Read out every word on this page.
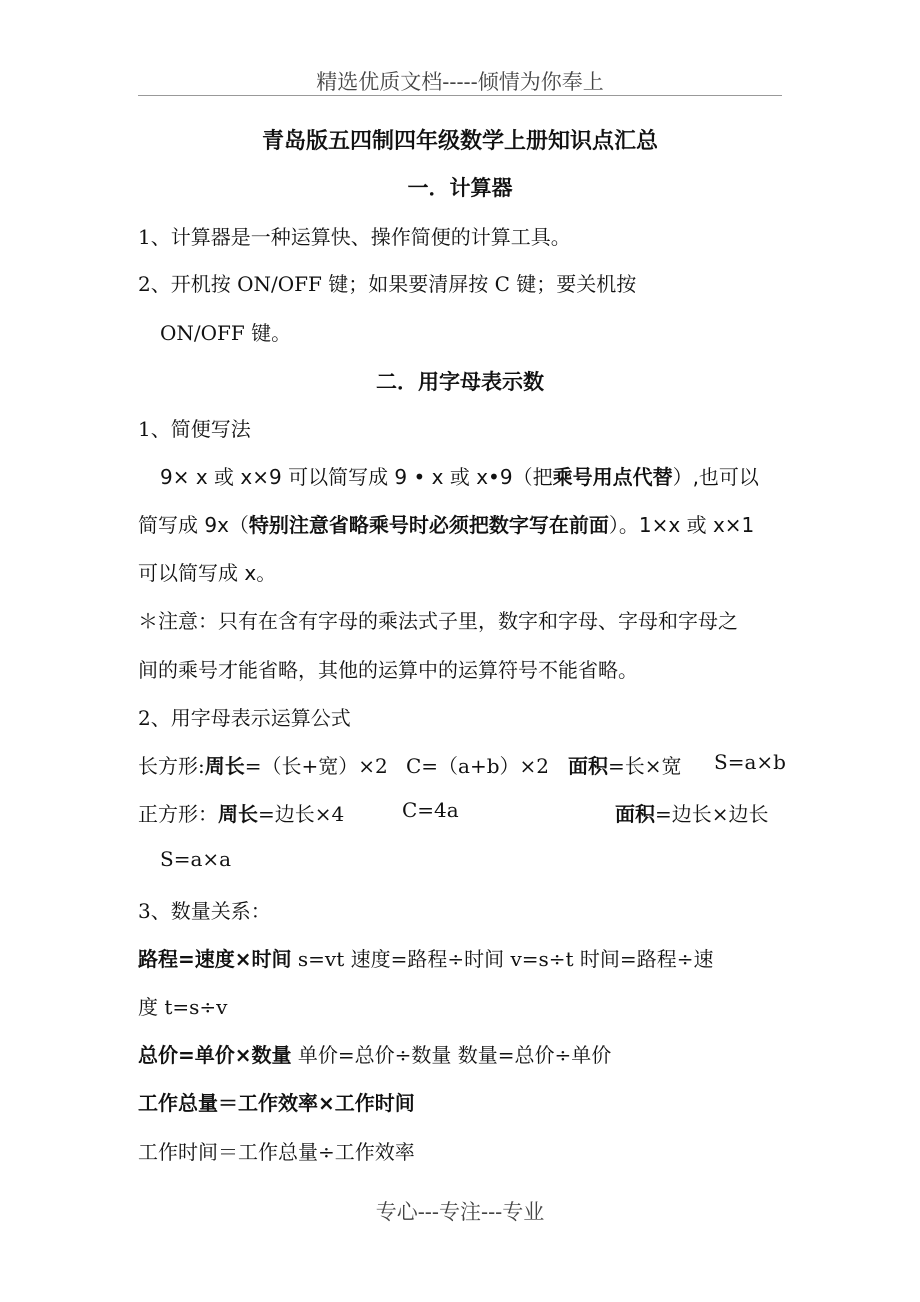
精选优质文档-----倾情为你奉上
青岛版五四制四年级数学上册知识点汇总
一．计算器
1、计算器是一种运算快、操作简便的计算工具。
2、开机按 ON/OFF 键；如果要清屏按 C 键；要关机按
ON/OFF 键。
二．用字母表示数
1、简便写法
9× x 或 x×9 可以简写成 9 • x 或 x•9（把乘号用点代替）,也可以
简写成 9x（特别注意省略乘号时必须把数字写在前面）。1×x 或 x×1
可以简写成 x。
＊注意：只有在含有字母的乘法式子里，数字和字母、字母和字母之
间的乘号才能省略，其他的运算中的运算符号不能省略。
2、用字母表示运算公式
长方形:周长=（长+宽）×2 C=（a+b）×2 面积=长×宽 S=a×b
正方形：周长=边长×4	C=4a	面积=边长×边长
S=a×a
3、数量关系：
路程=速度×时间 s=vt 速度=路程÷时间 v=s÷t 时间=路程÷速
度 t=s÷v
总价=单价×数量 单价=总价÷数量 数量=总价÷单价
工作总量＝工作效率×工作时间
工作时间＝工作总量÷工作效率
专心---专注---专业
